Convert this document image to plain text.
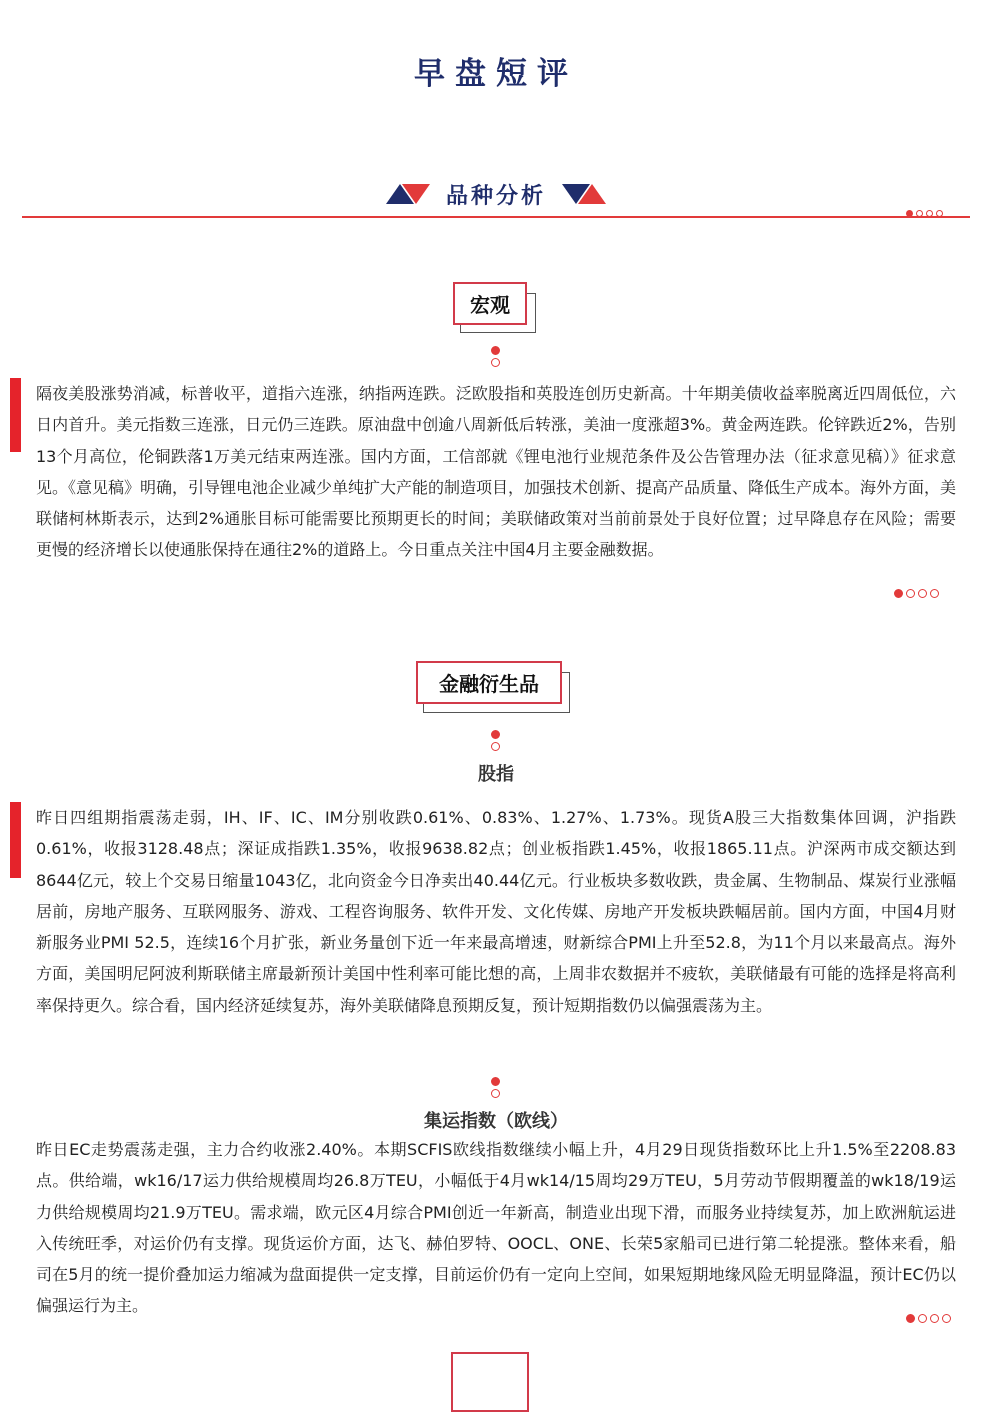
早盘短评
品种分析
宏观

隔夜美股涨势消减，标普收平，道指六连涨，纳指两连跌。泛欧股指和英股连创历史新高。十年期美债收益率脱离近四周低位，六日内首升。美元指数三连涨，日元仍三连跌。原油盘中创逾八周新低后转涨，美油一度涨超3%。黄金两连跌。伦锌跌近2%，告别13个月高位，伦铜跌落1万美元结束两连涨。国内方面，工信部就《锂电池行业规范条件及公告管理办法（征求意见稿）》征求意见。《意见稿》明确，引导锂电池企业减少单纯扩大产能的制造项目，加强技术创新、提高产品质量、降低生产成本。海外方面，美联储柯林斯表示，达到2%通胀目标可能需要比预期更长的时间；美联储政策对当前前景处于良好位置；过早降息存在风险；需要更慢的经济增长以使通胀保持在通往2%的道路上。今日重点关注中国4月主要金融数据。

金融衍生品
股指

昨日四组期指震荡走弱，IH、IF、IC、IM分别收跌0.61%、0.83%、1.27%、1.73%。现货A股三大指数集体回调，沪指跌0.61%，收报3128.48点；深证成指跌1.35%，收报9638.82点；创业板指跌1.45%，收报1865.11点。沪深两市成交额达到8644亿元，较上个交易日缩量1043亿，北向资金今日净卖出40.44亿元。行业板块多数收跌，贵金属、生物制品、煤炭行业涨幅居前，房地产服务、互联网服务、游戏、工程咨询服务、软件开发、文化传媒、房地产开发板块跌幅居前。国内方面，中国4月财新服务业PMI 52.5，连续16个月扩张，新业务量创下近一年来最高增速，财新综合PMI上升至52.8，为11个月以来最高点。海外方面，美国明尼阿波利斯联储主席最新预计美国中性利率可能比想的高，上周非农数据并不疲软，美联储最有可能的选择是将高利率保持更久。综合看，国内经济延续复苏，海外美联储降息预期反复，预计短期指数仍以偏强震荡为主。

集运指数（欧线）

昨日EC走势震荡走强，主力合约收涨2.40%。本期SCFIS欧线指数继续小幅上升，4月29日现货指数环比上升1.5%至2208.83点。供给端，wk16/17运力供给规模周均26.8万TEU，小幅低于4月wk14/15周均29万TEU，5月劳动节假期覆盖的wk18/19运力供给规模周均21.9万TEU。需求端，欧元区4月综合PMI创近一年新高，制造业出现下滑，而服务业持续复苏，加上欧洲航运进入传统旺季，对运价仍有支撑。现货运价方面，达飞、赫伯罗特、OOCL、ONE、长荣5家船司已进行第二轮提涨。整体来看，船司在5月的统一提价叠加运力缩减为盘面提供一定支撑，目前运价仍有一定向上空间，如果短期地缘风险无明显降温，预计EC仍以偏强运行为主。
